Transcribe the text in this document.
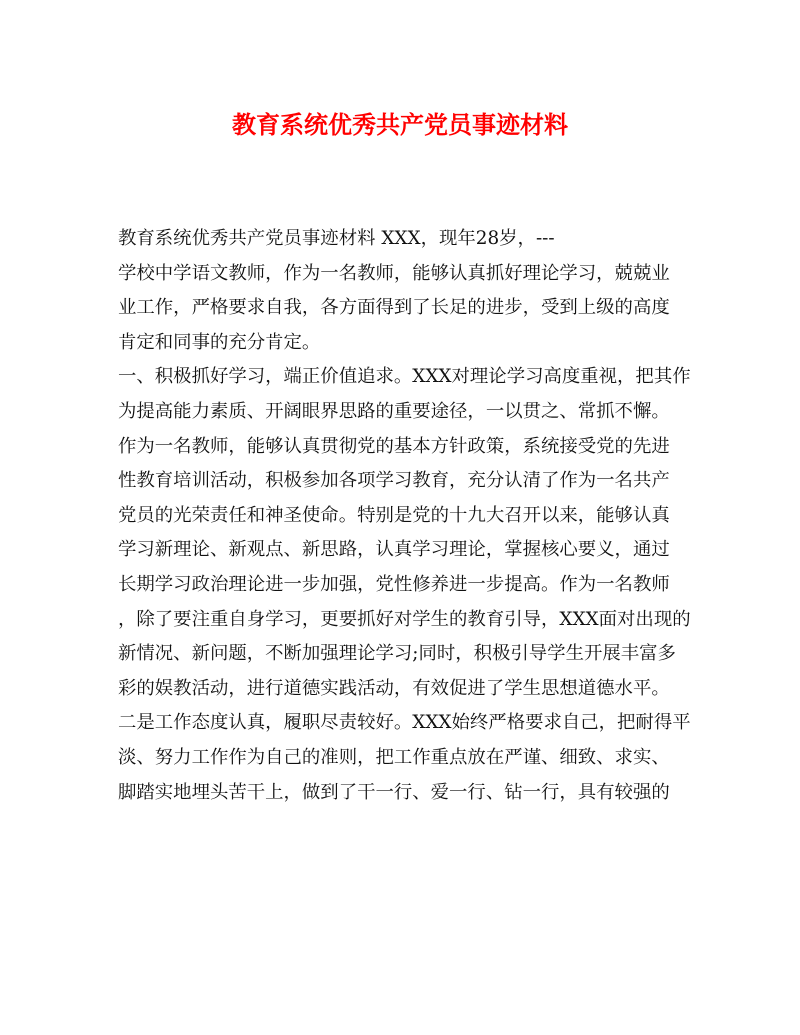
教育系统优秀共产党员事迹材料
教育系统优秀共产党员事迹材料 XXX，现年28岁，---
学校中学语文教师，作为一名教师，能够认真抓好理论学习，兢兢业
业工作，严格要求自我，各方面得到了长足的进步，受到上级的高度
肯定和同事的充分肯定。
一、积极抓好学习，端正价值追求。XXX对理论学习高度重视，把其作
为提高能力素质、开阔眼界思路的重要途径，一以贯之、常抓不懈。
作为一名教师，能够认真贯彻党的基本方针政策，系统接受党的先进
性教育培训活动，积极参加各项学习教育，充分认清了作为一名共产
党员的光荣责任和神圣使命。特别是党的十九大召开以来，能够认真
学习新理论、新观点、新思路，认真学习理论，掌握核心要义，通过
长期学习政治理论进一步加强，党性修养进一步提高。作为一名教师
，除了要注重自身学习，更要抓好对学生的教育引导，XXX面对出现的
新情况、新问题，不断加强理论学习;同时，积极引导学生开展丰富多
彩的娱教活动，进行道德实践活动，有效促进了学生思想道德水平。
二是工作态度认真，履职尽责较好。XXX始终严格要求自己，把耐得平
淡、努力工作作为自己的准则，把工作重点放在严谨、细致、求实、
脚踏实地埋头苦干上，做到了干一行、爱一行、钻一行，具有较强的
